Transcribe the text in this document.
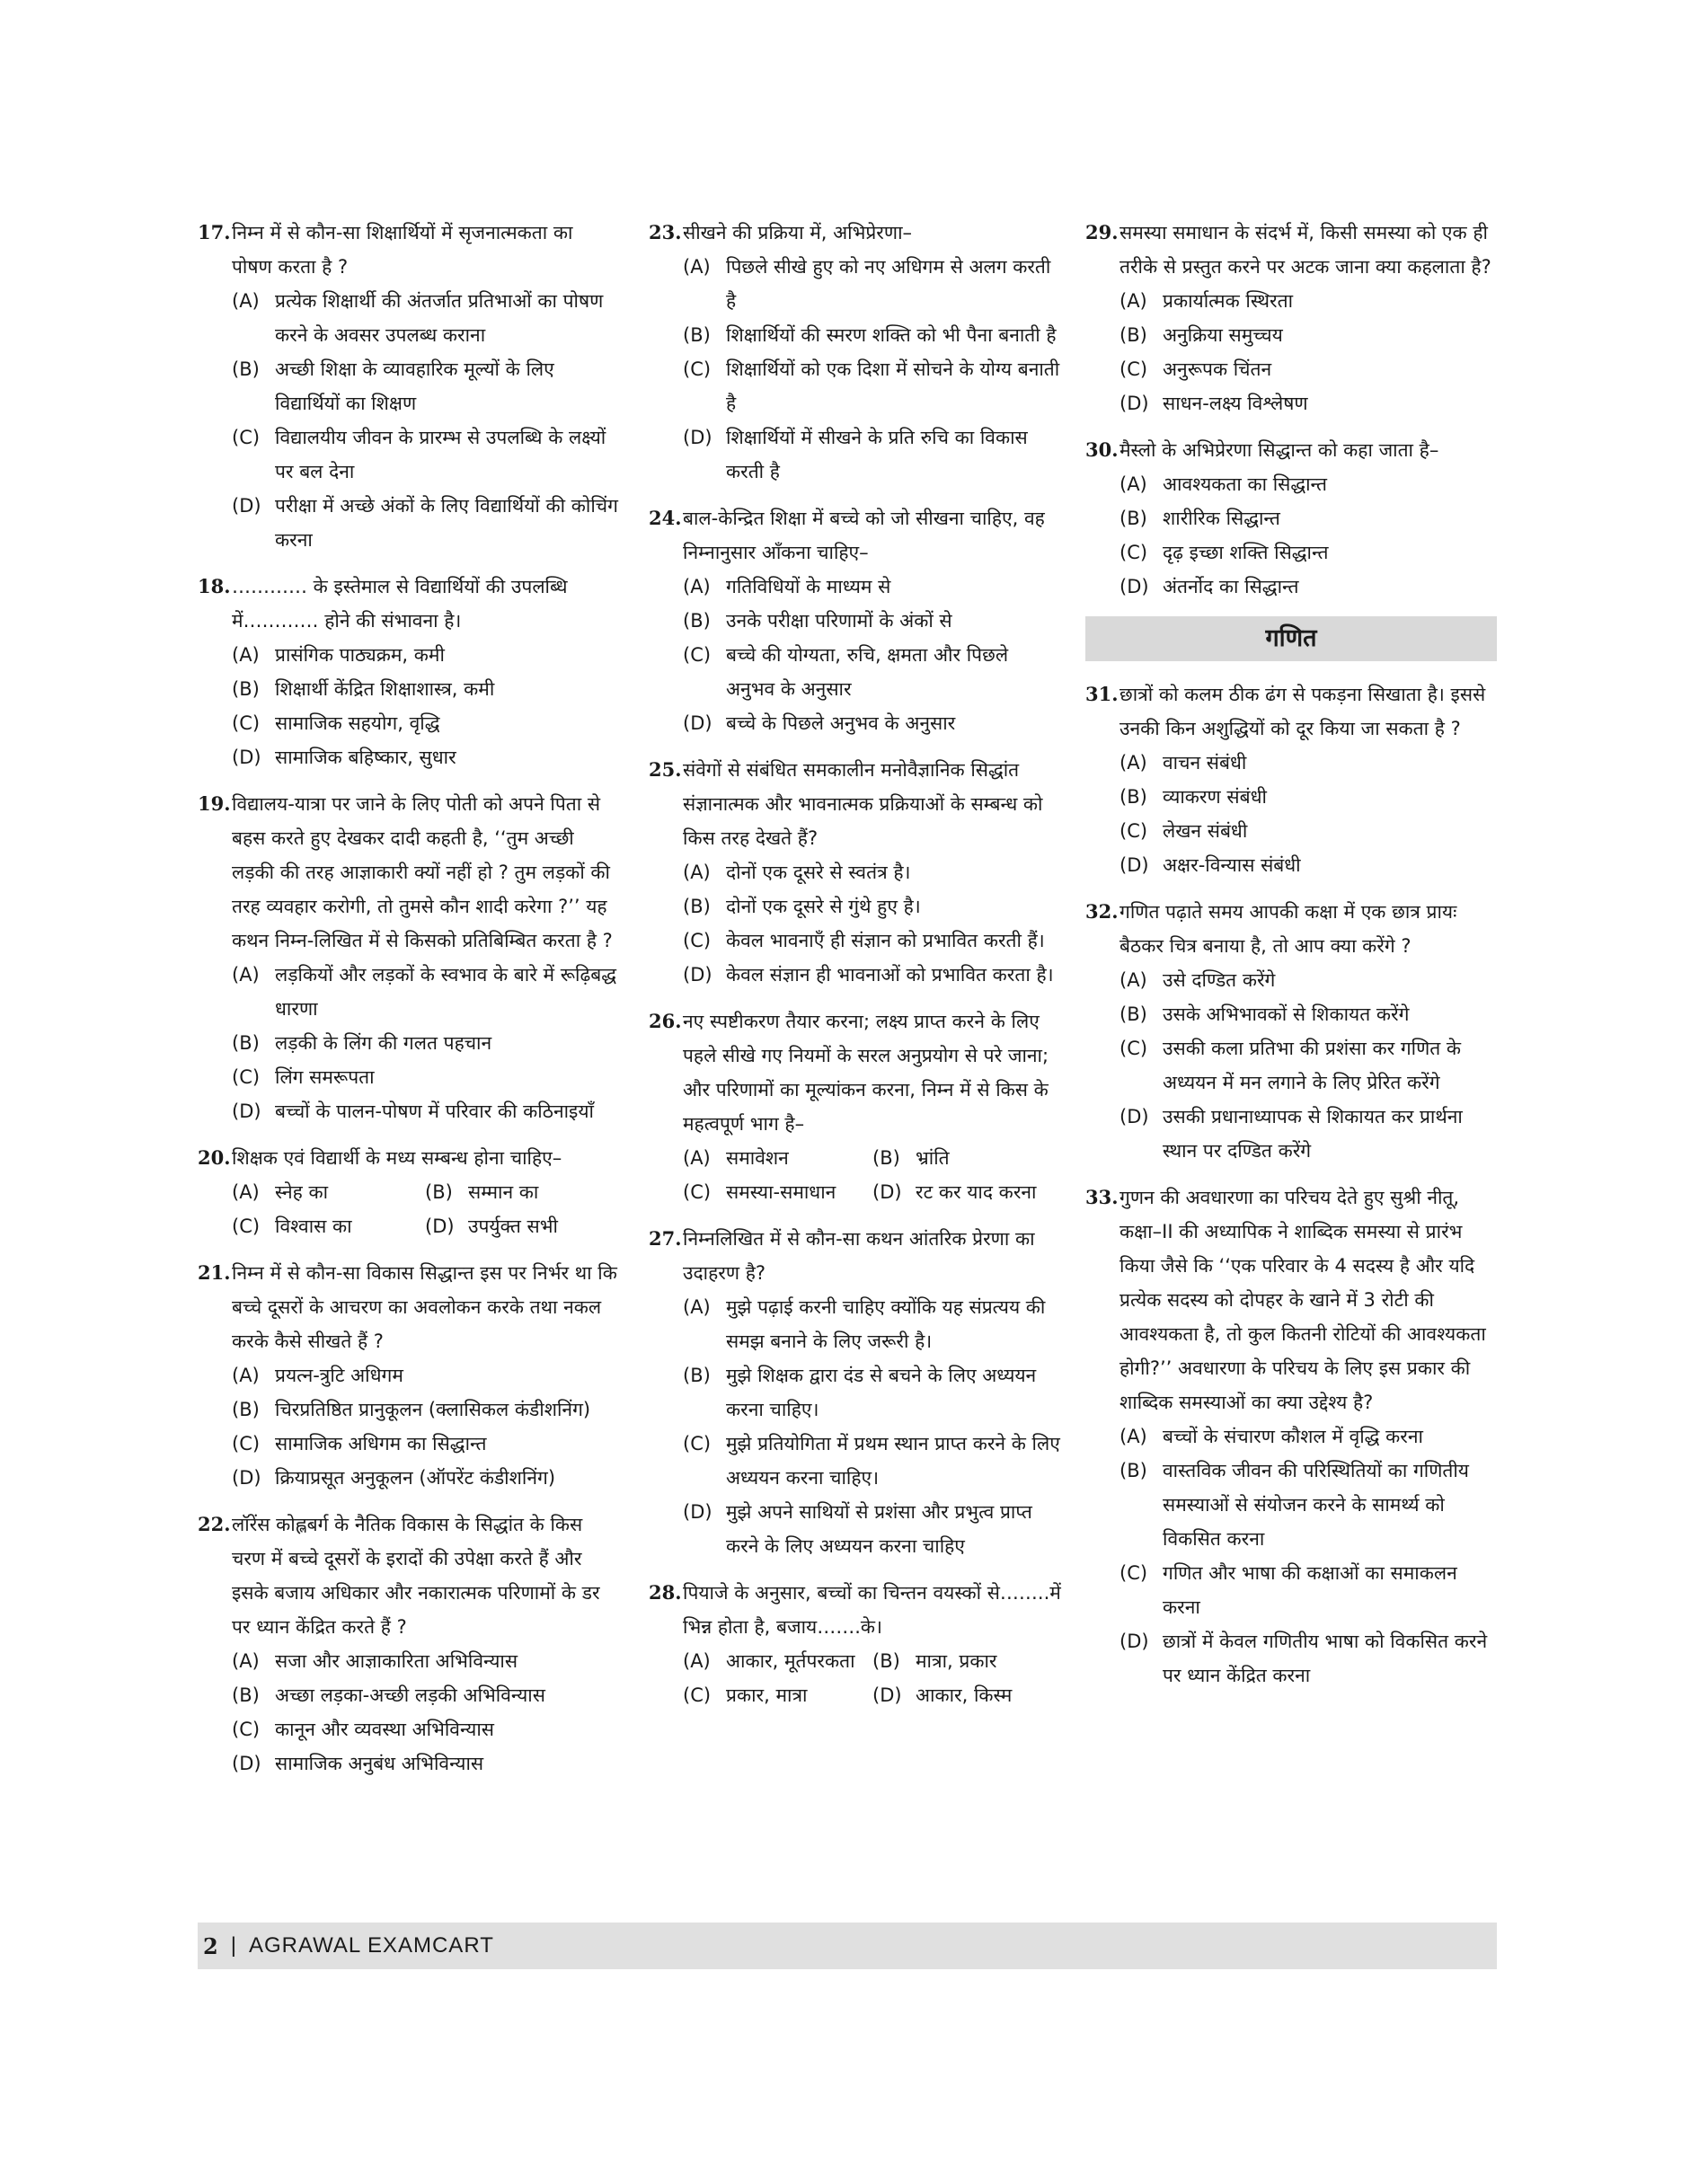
17. निम्न में से कौन-सा शिक्षार्थियों में सृजनात्मकता का पोषण करता है ?
(A) प्रत्येक शिक्षार्थी की अंतर्जात प्रतिभाओं का पोषण करने के अवसर उपलब्ध कराना
(B) अच्छी शिक्षा के व्यावहारिक मूल्यों के लिए विद्यार्थियों का शिक्षण
(C) विद्यालयीय जीवन के प्रारम्भ से उपलब्धि के लक्ष्यों पर बल देना
(D) परीक्षा में अच्छे अंकों के लिए विद्यार्थियों की कोचिंग करना
18. ………… के इस्तेमाल से विद्यार्थियों की उपलब्धि में………… होने की संभावना है।
(A) प्रासंगिक पाठ्यक्रम, कमी
(B) शिक्षार्थी केंद्रित शिक्षाशास्त्र, कमी
(C) सामाजिक सहयोग, वृद्धि
(D) सामाजिक बहिष्कार, सुधार
19. विद्यालय-यात्रा पर जाने के लिए पोती को अपने पिता से बहस करते हुए देखकर दादी कहती है, ‘‘तुम अच्छी लड़की की तरह आज्ञाकारी क्यों नहीं हो ? तुम लड़कों की तरह व्यवहार करोगी, तो तुमसे कौन शादी करेगा ?’’ यह कथन निम्न-लिखित में से किसको प्रतिबिम्बित करता है ?
(A) लड़कियों और लड़कों के स्वभाव के बारे में रूढ़िबद्ध धारणा
(B) लड़की के लिंग की गलत पहचान
(C) लिंग समरूपता
(D) बच्चों के पालन-पोषण में परिवार की कठिनाइयाँ
20. शिक्षक एवं विद्यार्थी के मध्य सम्बन्ध होना चाहिए–
(A) स्नेह का	(B) सम्मान का
(C) विश्वास का	(D) उपर्युक्त सभी
21. निम्न में से कौन-सा विकास सिद्धान्त इस पर निर्भर था कि बच्चे दूसरों के आचरण का अवलोकन करके तथा नकल करके कैसे सीखते हैं ?
(A) प्रयत्न-त्रुटि अधिगम
(B) चिरप्रतिष्ठित प्रानुकूलन (क्लासिकल कंडीशनिंग)
(C) सामाजिक अधिगम का सिद्धान्त
(D) क्रियाप्रसूत अनुकूलन (ऑपरेंट कंडीशनिंग)
22. लॉरेंस कोह्लबर्ग के नैतिक विकास के सिद्धांत के किस चरण में बच्चे दूसरों के इरादों की उपेक्षा करते हैं और इसके बजाय अधिकार और नकारात्मक परिणामों के डर पर ध्यान केंद्रित करते हैं ?
(A) सजा और आज्ञाकारिता अभिविन्यास
(B) अच्छा लड़का-अच्छी लड़की अभिविन्यास
(C) कानून और व्यवस्था अभिविन्यास
(D) सामाजिक अनुबंध अभिविन्यास
23. सीखने की प्रक्रिया में, अभिप्रेरणा–
(A) पिछले सीखे हुए को नए अधिगम से अलग करती है
(B) शिक्षार्थियों की स्मरण शक्ति को भी पैना बनाती है
(C) शिक्षार्थियों को एक दिशा में सोचने के योग्य बनाती है
(D) शिक्षार्थियों में सीखने के प्रति रुचि का विकास करती है
24. बाल-केन्द्रित शिक्षा में बच्चे को जो सीखना चाहिए, वह निम्नानुसार आँकना चाहिए–
(A) गतिविधियों के माध्यम से
(B) उनके परीक्षा परिणामों के अंकों से
(C) बच्चे की योग्यता, रुचि, क्षमता और पिछले अनुभव के अनुसार
(D) बच्चे के पिछले अनुभव के अनुसार
25. संवेगों से संबंधित समकालीन मनोवैज्ञानिक सिद्धांत संज्ञानात्मक और भावनात्मक प्रक्रियाओं के सम्बन्ध को किस तरह देखते हैं?
(A) दोनों एक दूसरे से स्वतंत्र है।
(B) दोनों एक दूसरे से गुंथे हुए है।
(C) केवल भावनाएँ ही संज्ञान को प्रभावित करती हैं।
(D) केवल संज्ञान ही भावनाओं को प्रभावित करता है।
26. नए स्पष्टीकरण तैयार करना; लक्ष्य प्राप्त करने के लिए पहले सीखे गए नियमों के सरल अनुप्रयोग से परे जाना; और परिणामों का मूल्यांकन करना, निम्न में से किस के महत्वपूर्ण भाग है–
(A) समावेशन	(B) भ्रांति
(C) समस्या-समाधान	(D) रट कर याद करना
27. निम्नलिखित में से कौन-सा कथन आंतरिक प्रेरणा का उदाहरण है?
(A) मुझे पढ़ाई करनी चाहिए क्योंकि यह संप्रत्यय की समझ बनाने के लिए जरूरी है।
(B) मुझे शिक्षक द्वारा दंड से बचने के लिए अध्ययन करना चाहिए।
(C) मुझे प्रतियोगिता में प्रथम स्थान प्राप्त करने के लिए अध्ययन करना चाहिए।
(D) मुझे अपने साथियों से प्रशंसा और प्रभुत्व प्राप्त करने के लिए अध्ययन करना चाहिए
28. पियाजे के अनुसार, बच्चों का चिन्तन वयस्कों से……..में भिन्न होता है, बजाय…….के।
(A) आकार, मूर्तपरकता (B) मात्रा, प्रकार
(C) प्रकार, मात्रा	(D) आकार, किस्म
29. समस्या समाधान के संदर्भ में, किसी समस्या को एक ही तरीके से प्रस्तुत करने पर अटक जाना क्या कहलाता है?
(A) प्रकार्यात्मक स्थिरता
(B) अनुक्रिया समुच्चय
(C) अनुरूपक चिंतन
(D) साधन-लक्ष्य विश्लेषण
30. मैस्लो के अभिप्रेरणा सिद्धान्त को कहा जाता है–
(A) आवश्यकता का सिद्धान्त
(B) शारीरिक सिद्धान्त
(C) दृढ़ इच्छा शक्ति सिद्धान्त
(D) अंतर्नोद का सिद्धान्त
गणित
31. छात्रों को कलम ठीक ढंग से पकड़ना सिखाता है। इससे उनकी किन अशुद्धियों को दूर किया जा सकता है ?
(A) वाचन संबंधी
(B) व्याकरण संबंधी
(C) लेखन संबंधी
(D) अक्षर-विन्यास संबंधी
32. गणित पढ़ाते समय आपकी कक्षा में एक छात्र प्रायः बैठकर चित्र बनाया है, तो आप क्या करेंगे ?
(A) उसे दण्डित करेंगे
(B) उसके अभिभावकों से शिकायत करेंगे
(C) उसकी कला प्रतिभा की प्रशंसा कर गणित के अध्ययन में मन लगाने के लिए प्रेरित करेंगे
(D) उसकी प्रधानाध्यापक से शिकायत कर प्रार्थना स्थान पर दण्डित करेंगे
33. गुणन की अवधारणा का परिचय देते हुए सुश्री नीतू, कक्षा–II की अध्यापिक ने शाब्दिक समस्या से प्रारंभ किया जैसे कि ‘‘एक परिवार के 4 सदस्य है और यदि प्रत्येक सदस्य को दोपहर के खाने में 3 रोटी की आवश्यकता है, तो कुल कितनी रोटियों की आवश्यकता होगी?’’ अवधारणा के परिचय के लिए इस प्रकार की शाब्दिक समस्याओं का क्या उद्देश्य है?
(A) बच्चों के संचारण कौशल में वृद्धि करना
(B) वास्तविक जीवन की परिस्थितियों का गणितीय समस्याओं से संयोजन करने के सामर्थ्य को विकसित करना
(C) गणित और भाषा की कक्षाओं का समाकलन करना
(D) छात्रों में केवल गणितीय भाषा को विकसित करने पर ध्यान केंद्रित करना
2 | AGRAWAL EXAMCART
